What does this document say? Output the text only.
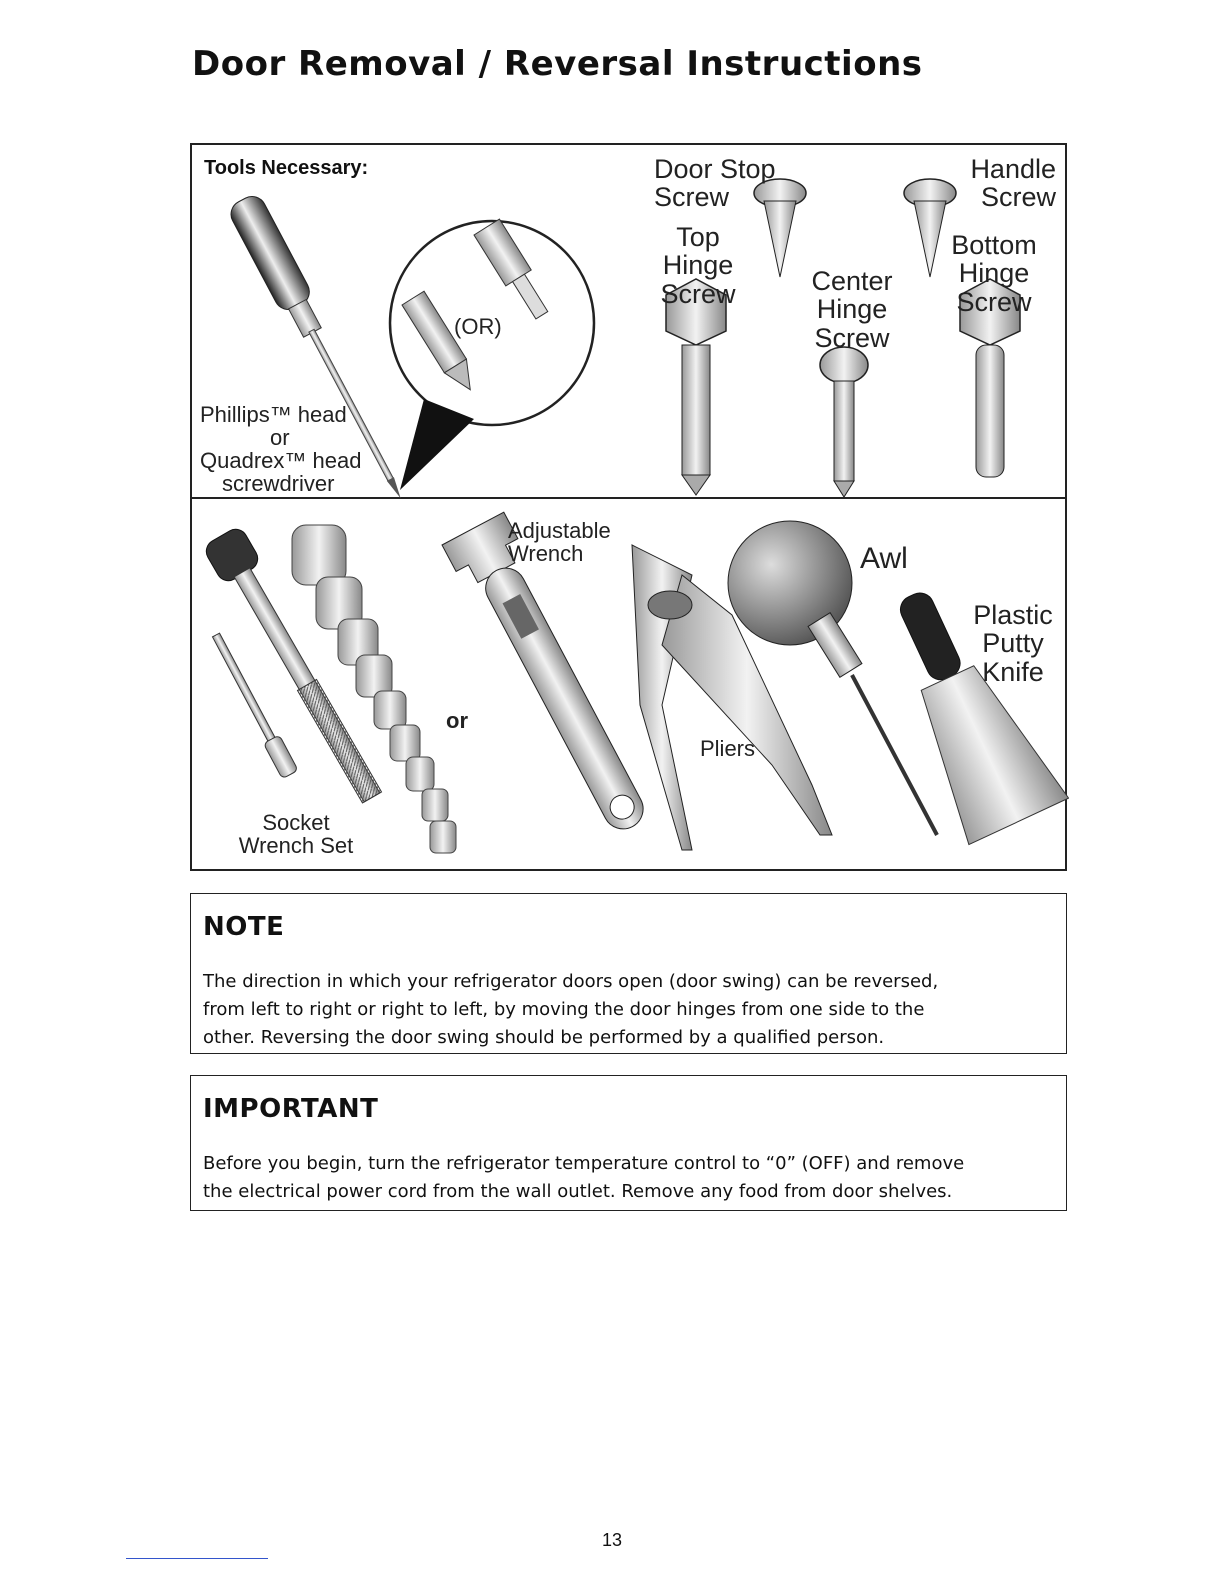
Door Removal / Reversal Instructions
Tools Necessary:
Phillips™ head
or
Quadrex™ head
screwdriver
(OR)
Door Stop
Screw
Handle
Screw
Top
Hinge
Screw	Center
Hinge
Screw
Bottom
Hinge
Screw
Socket
Wrench Set
or
Adjustable
Wrench
Pliers
Awl
Plastic
Putty
Knife
NOTE

The direction in which your refrigerator doors open (door swing) can be reversed,
from left to right or right to left, by moving the door hinges from one side to the
other. Reversing the door swing should be performed by a qualified person.

IMPORTANT

Before you begin, turn the refrigerator temperature control to “0” (OFF) and remove
the electrical power cord from the wall outlet. Remove any food from door shelves.

13
